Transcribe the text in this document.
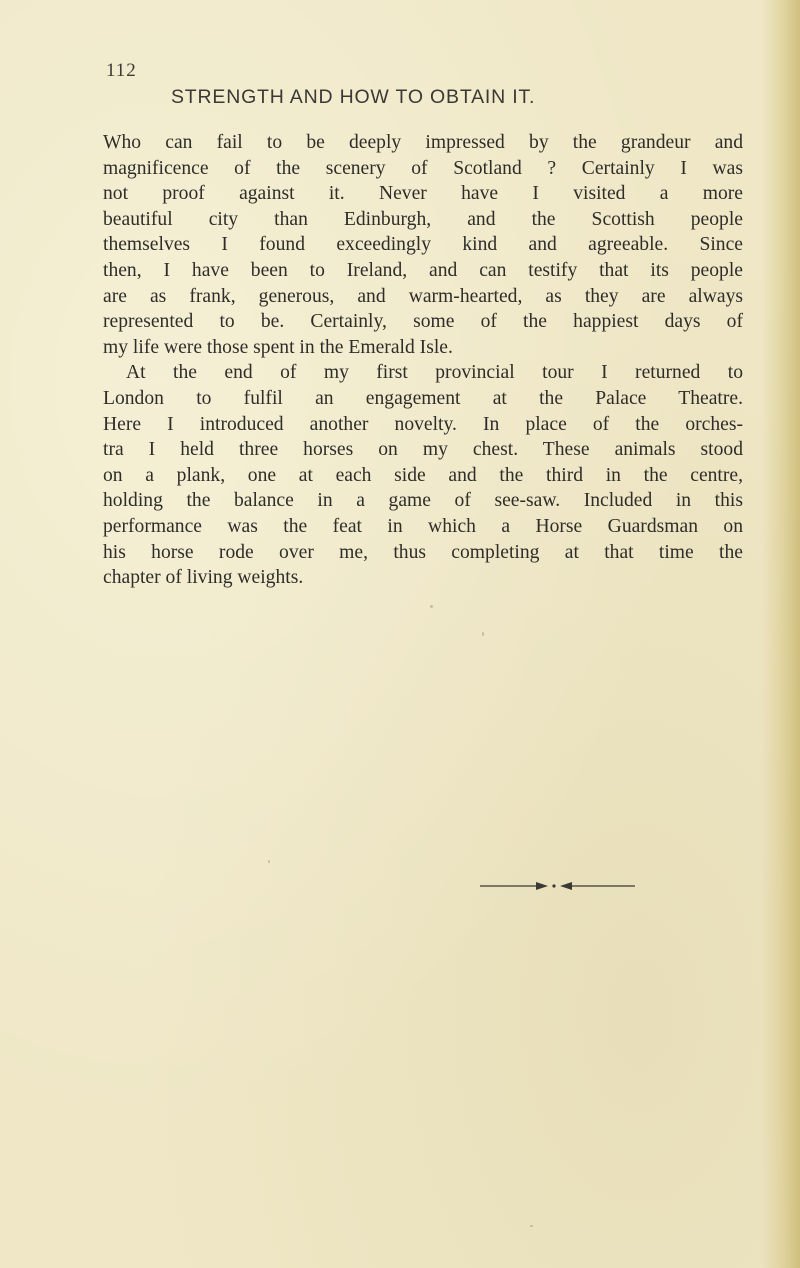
112
STRENGTH AND HOW TO OBTAIN IT.
Who can fail to be deeply impressed by the grandeur and
magnificence of the scenery of Scotland ? Certainly I was
not proof against it. Never have I visited a more
beautiful city than Edinburgh, and the Scottish people
themselves I found exceedingly kind and agreeable. Since
then, I have been to Ireland, and can testify that its people
are as frank, generous, and warm-hearted, as they are always
represented to be. Certainly, some of the happiest days of
my life were those spent in the Emerald Isle.
At the end of my first provincial tour I returned to
London to fulfil an engagement at the Palace Theatre.
Here I introduced another novelty. In place of the orches-
tra I held three horses on my chest. These animals stood
on a plank, one at each side and the third in the centre,
holding the balance in a game of see-saw. Included in this
performance was the feat in which a Horse Guardsman on
his horse rode over me, thus completing at that time the
chapter of living weights.
